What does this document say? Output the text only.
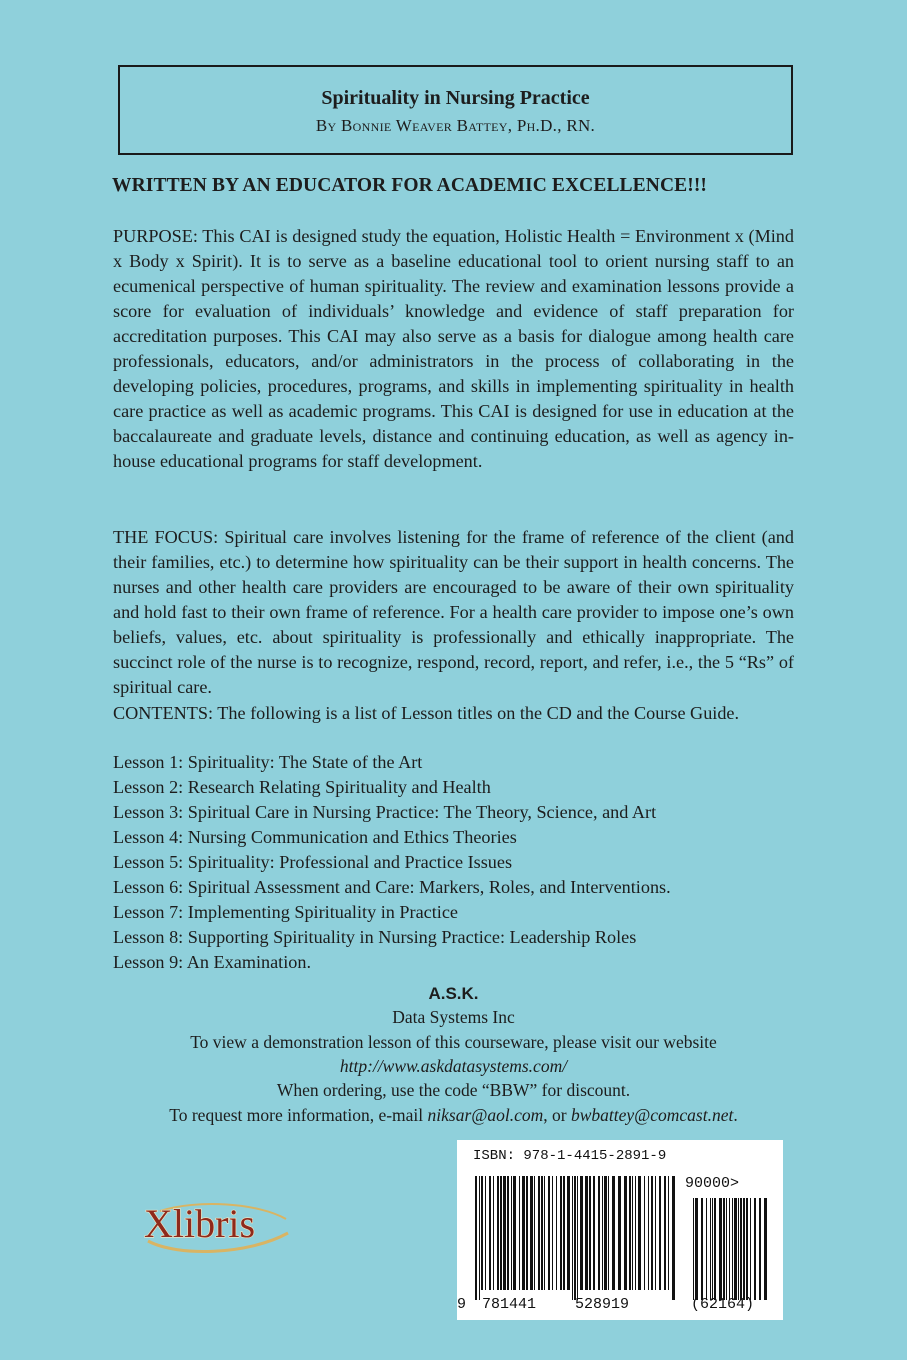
Spirituality in Nursing Practice
By Bonnie Weaver Battey, Ph.D., RN.
WRITTEN BY AN EDUCATOR FOR ACADEMIC EXCELLENCE!!!

PURPOSE: This CAI is designed study the equation, Holistic Health = Environment x (Mind x Body x Spirit). It is to serve as a baseline educational tool to orient nursing staff to an ecumenical perspective of human spirituality. The review and examination lessons provide a score for evaluation of individuals’ knowledge and evidence of staff preparation for accreditation purposes. This CAI may also serve as a basis for dialogue among health care professionals, educators, and/or administrators in the process of collaborating in the developing policies, procedures, programs, and skills in implementing spirituality in health care practice as well as academic programs. This CAI is designed for use in education at the baccalaureate and graduate levels, distance and continuing education, as well as agency in-house educational programs for staff development.

THE FOCUS: Spiritual care involves listening for the frame of reference of the client (and their families, etc.) to determine how spirituality can be their support in health concerns. The nurses and other health care providers are encouraged to be aware of their own spirituality and hold fast to their own frame of reference. For a health care provider to impose one’s own beliefs, values, etc. about spirituality is professionally and ethically inappropriate. The succinct role of the nurse is to recognize, respond, record, report, and refer, i.e., the 5 “Rs” of spiritual care.

CONTENTS: The following is a list of Lesson titles on the CD and the Course Guide.

Lesson 1: Spirituality: The State of the Art
Lesson 2: Research Relating Spirituality and Health
Lesson 3: Spiritual Care in Nursing Practice: The Theory, Science, and Art
Lesson 4: Nursing Communication and Ethics Theories
Lesson 5: Spirituality: Professional and Practice Issues
Lesson 6: Spiritual Assessment and Care: Markers, Roles, and Interventions.
Lesson 7: Implementing Spirituality in Practice
Lesson 8: Supporting Spirituality in Nursing Practice: Leadership Roles
Lesson 9: An Examination.
A.S.K.
Data Systems Inc
To view a demonstration lesson of this courseware, please visit our website
http://www.askdatasystems.com/
When ordering, use the code “BBW” for discount.
To request more information, e-mail niksar@aol.com, or bwbattey@comcast.net.
Xlibris
ISBN: 978-1-4415-2891-9
90000>
9 781441	528919	(62164)
